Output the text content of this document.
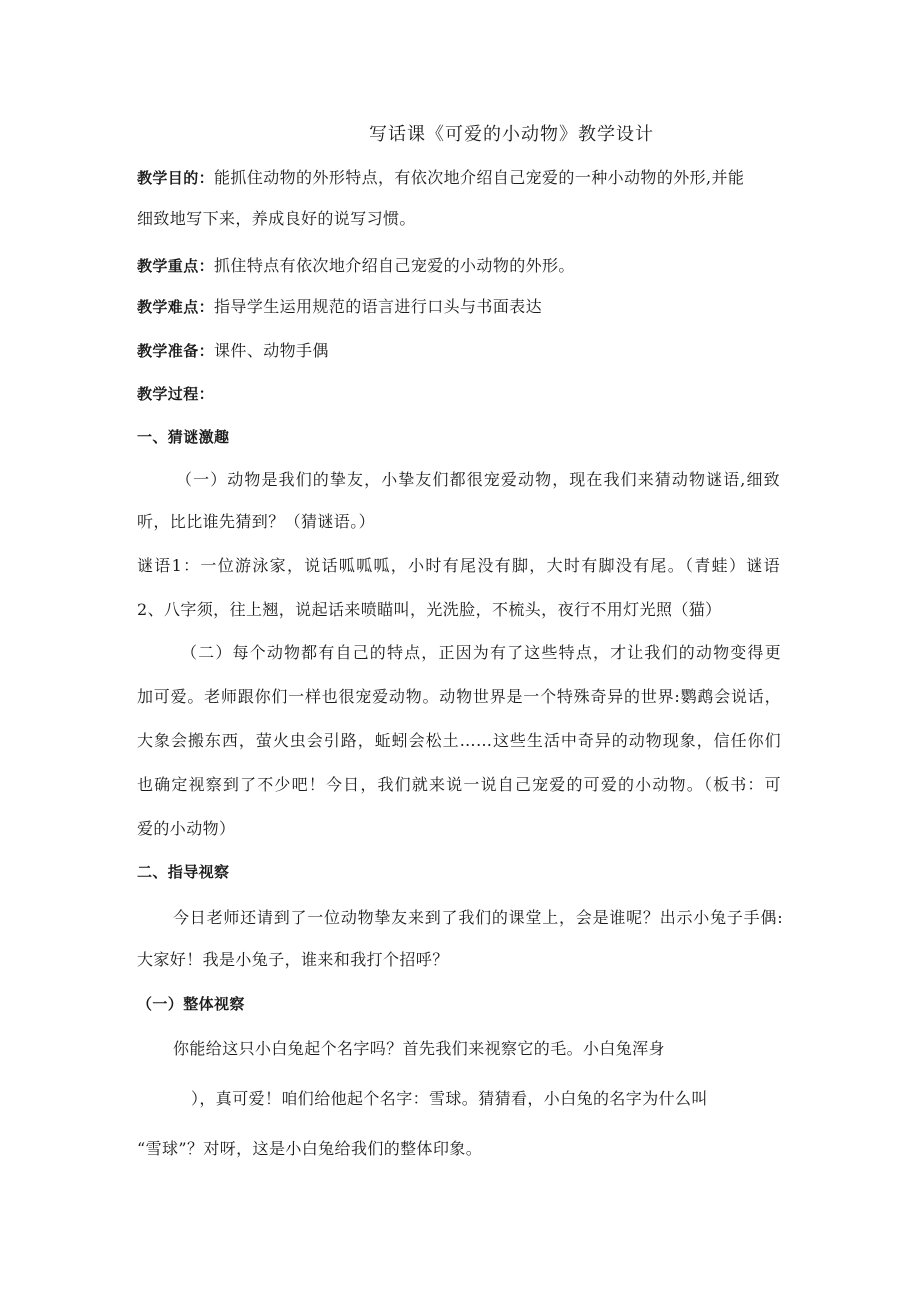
写话课《可爱的小动物》教学设计
教学目的：能抓住动物的外形特点，有依次地介绍自己宠爱的一种小动物的外形,并能
细致地写下来，养成良好的说写习惯。
教学重点：抓住特点有依次地介绍自己宠爱的小动物的外形。
教学难点：指导学生运用规范的语言进行口头与书面表达
教学准备：课件、动物手偶
教学过程：
一、猜谜激趣
（一）动物是我们的挚友，小挚友们都很宠爱动物，现在我们来猜动物谜语,细致
听，比比谁先猜到？（猜谜语。）
谜语1：一位游泳家，说话呱呱呱，小时有尾没有脚，大时有脚没有尾。（青蛙）谜语
2、八字须，往上翘，说起话来喷瞄叫，光洗脸，不梳头，夜行不用灯光照（猫）
（二）每个动物都有自己的特点，正因为有了这些特点，才让我们的动物变得更
加可爱。老师跟你们一样也很宠爱动物。动物世界是一个特殊奇异的世界:鹦鹉会说话，
大象会搬东西，萤火虫会引路，蚯蚓会松土……这些生活中奇异的动物现象，信任你们
也确定视察到了不少吧！今日，我们就来说一说自己宠爱的可爱的小动物。（板书：可
爱的小动物）
二、指导视察
今日老师还请到了一位动物挚友来到了我们的课堂上，会是谁呢？出示小兔子手偶:
大家好！我是小兔子，谁来和我打个招呼？
（一）整体视察
你能给这只小白兔起个名字吗？首先我们来视察它的毛。小白兔浑身
），真可爱！咱们给他起个名字：雪球。猜猜看，小白兔的名字为什么叫
“雪球”？对呀，这是小白兔给我们的整体印象。
